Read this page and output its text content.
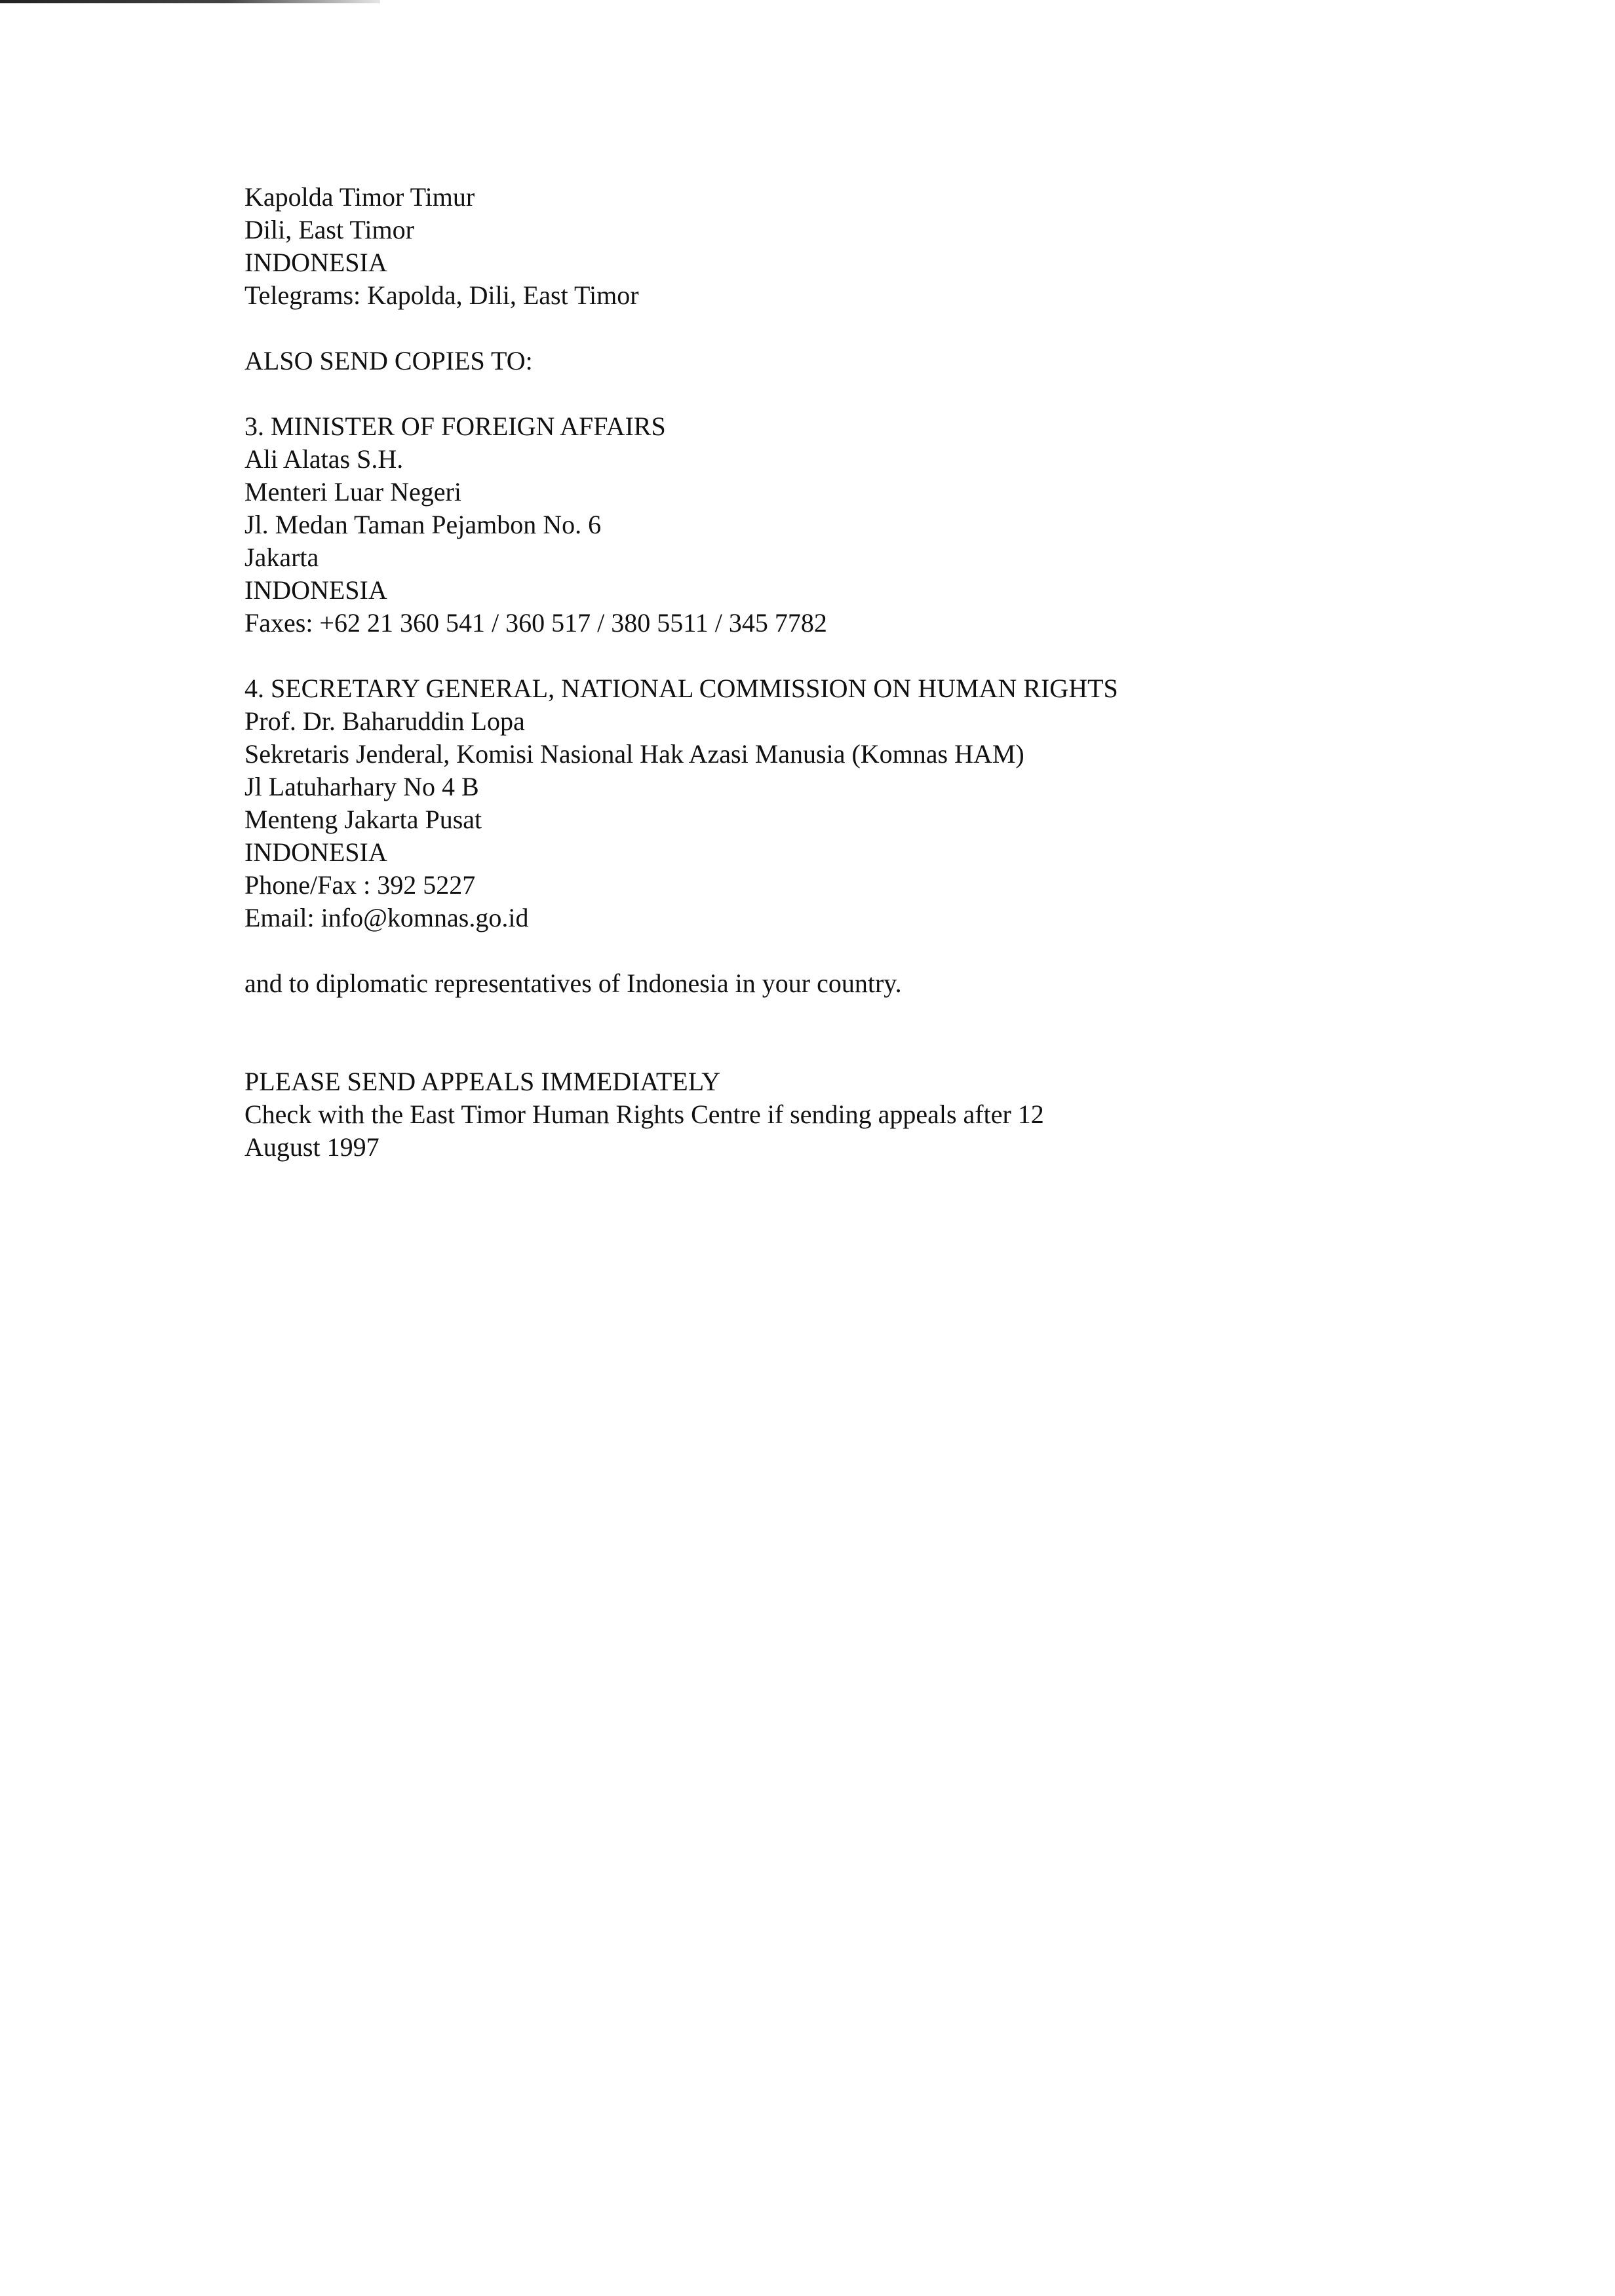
Kapolda Timor Timur
Dili, East Timor
INDONESIA
Telegrams: Kapolda, Dili, East Timor
ALSO SEND COPIES TO:
3. MINISTER OF FOREIGN AFFAIRS
Ali Alatas S.H.
Menteri Luar Negeri
Jl. Medan Taman Pejambon No. 6
Jakarta
INDONESIA
Faxes: +62 21 360 541 / 360 517 / 380 5511 / 345 7782
4. SECRETARY GENERAL, NATIONAL COMMISSION ON HUMAN RIGHTS
Prof. Dr. Baharuddin Lopa
Sekretaris Jenderal, Komisi Nasional Hak Azasi Manusia (Komnas HAM)
Jl Latuharhary No 4 B
Menteng Jakarta Pusat
INDONESIA
Phone/Fax : 392 5227
Email: info@komnas.go.id
and to diplomatic representatives of Indonesia in your country.
PLEASE SEND APPEALS IMMEDIATELY
Check with the East Timor Human Rights Centre if sending appeals after 12
August 1997
